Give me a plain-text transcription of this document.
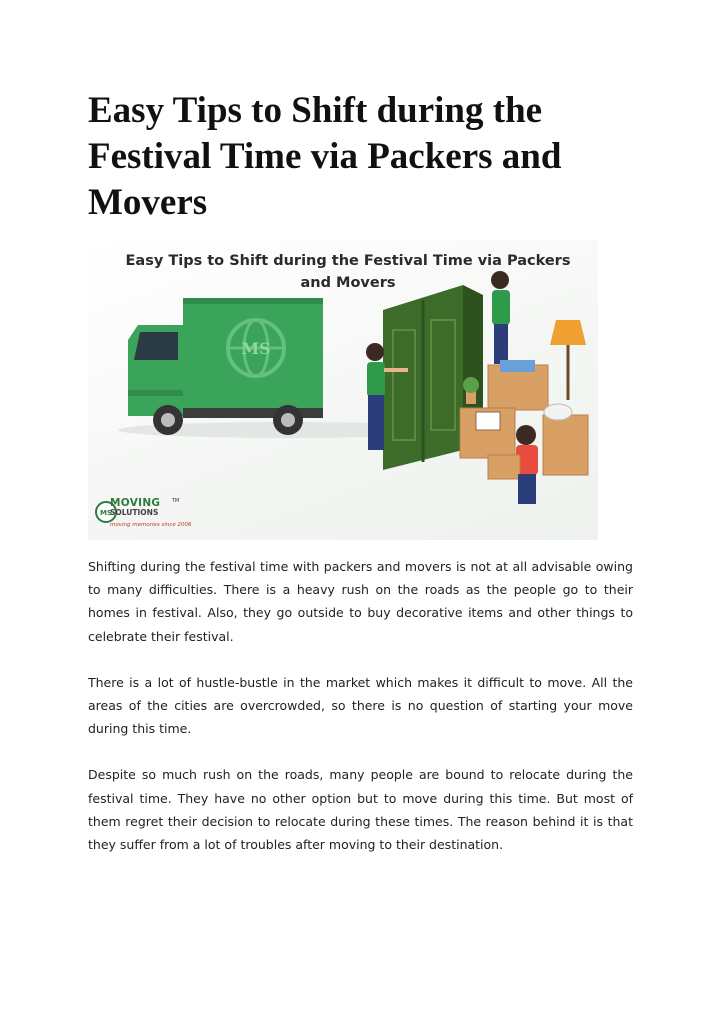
Easy Tips to Shift during the Festival Time via Packers and Movers
MS
MS
Easy Tips to Shift during the Festival Time via Packers and Movers
MOVING
SOLUTIONS
moving memories since 2006
TM

Shifting during the festival time with packers and movers is not at all advisable owing to many difficulties. There is a heavy rush on the roads as the people go to their homes in festival. Also, they go outside to buy decorative items and other things to celebrate their festival.

There is a lot of hustle-bustle in the market which makes it difficult to move. All the areas of the cities are overcrowded, so there is no question of starting your move during this time.

Despite so much rush on the roads, many people are bound to relocate during the festival time. They have no other option but to move during this time. But most of them regret their decision to relocate during these times. The reason behind it is that they suffer from a lot of troubles after moving to their destination.
